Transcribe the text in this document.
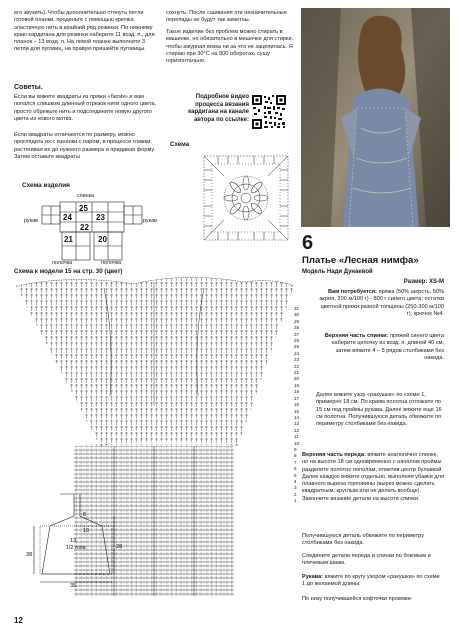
его звузить). Чтобы дополнительно стянуть петли готовой планки, проденьте с помощью крючка эластичную нить в крайний ряд резинки. По нижнему краю кардигана для резинки наберите 11 возд. п., для планок – 13 возд. п. На левой планке выполните 3 петли для пуговиц, на правую пришейте пуговицы.
Советы.
Если вы вяжете квадраты из пряжи «батик» и вам попался слишком длинный отрезок нити одного цвета, просто обрежьте нить и подсоедините новую другого цвета из нового мотка.
Если квадраты отличаются по размеру, можно проглядить их с изнанки с паром, в процессе глажки растягивая их до нужного размера и придавая форму. Затем оставьте квадраты
сохнуть. После сшивания эти незначительные перепады не будут так заметны.
Такое изделие без проблем можно стирать в машинке, но обязательно в мешочке для стирки, чтобы ажурная вязка ни за что не зацепилась. Я стираю при 30°С на 800 оборотах, сушу горизонтально.
Подробное видео процесса вязания кардигана на канале автора по ссылке:
Схема
Схема изделия
25
24	23
22
21	20
спинка
рукав	рукав
полочка	полочка
Схема к модели 15 на стр. 30 (цвет)
6
10
13
38
35
28
1/2 топа
31
30
29
28
27
26
25
24
23
22
21
20
19
18
17
16
15
14
13
12
11
10
9
8
7
6
5
4
3
2
1
6
Платье «Лесная нимфа»
Модель Нади Дунаевой
Размер: XS-M
Вам потребуется: пряжа (50% шерсть, 50% акрил, 200 м/100 г) - 800 г синего цвета; остатки цветной пряжи разной толщины (250-300 м/100 г); крючок №4.
Верхняя часть спинки: пряжей синего цвета наберите цепочку из возд. п. длиной 40 см, затем вяжите 4 – 5 рядов столбиками без накида.
Далее вяжите узор «ракушки» по схеме 1, примерно 18 см. По краям полотна отложите по 15 см под проймы рукава. Далее вяжите еще 16 см полотна. Получившуюся деталь обвяжите по периметру столбиками без накида.
Верхняя часть переда: вяжите аналогично спинке, но на высоте 18 см одновременно с началом проймы разделите полотно пополам, отметив центр булавкой. Далее каждую вяжите отдельно, выполняя убавки для плавного выреза горловины (вырез можно сделать квадратным, круглым или не делать вообще). Закончите вязание детали на высоте спинки.
Получившуюся деталь обвяжите по периметру столбиками без накида.
Соедините детали переда и спинки по боковым и плечевым швам.
Рукава: вяжите по кругу узором «ракушки» по схеме 1 до желаемой длины.
По низу получившейся кофточки провяжи-
12
